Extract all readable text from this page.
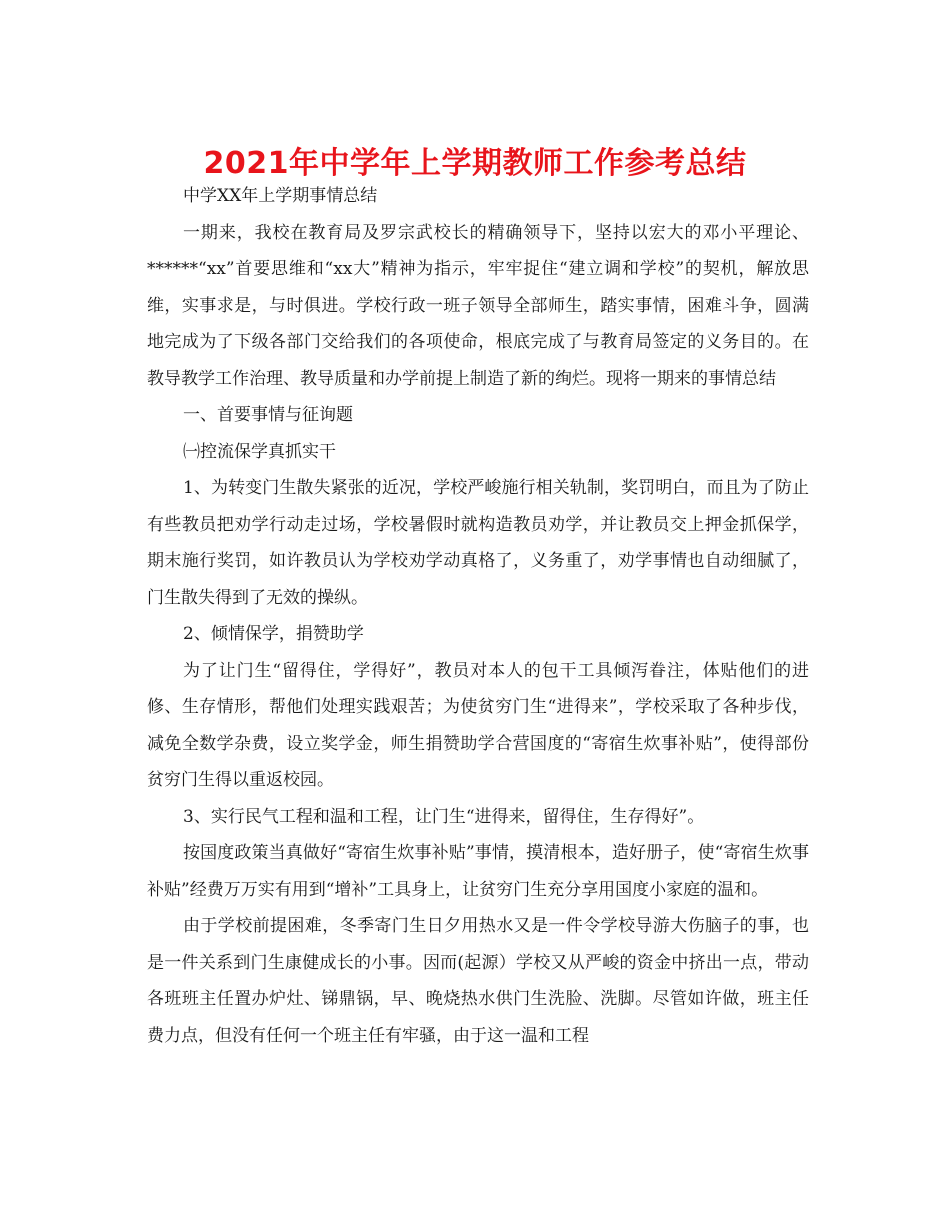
2021年中学年上学期教师工作参考总结

中学XX年上学期事情总结

一期来，我校在教育局及罗宗武校长的精确领导下，坚持以宏大的邓小平理论、******“xx”首要思维和“xx大”精神为指示，牢牢捉住“建立调和学校”的契机，解放思维，实事求是，与时俱进。学校行政一班子领导全部师生，踏实事情，困难斗争，圆满地完成为了下级各部门交给我们的各项使命，根底完成了与教育局签定的义务目的。在教导教学工作治理、教导质量和办学前提上制造了新的绚烂。现将一期来的事情总结

一、首要事情与征询题

㈠控流保学真抓实干

1、为转变门生散失紧张的近况，学校严峻施行相关轨制，奖罚明白，而且为了防止有些教员把劝学行动走过场，学校暑假时就构造教员劝学，并让教员交上押金抓保学，期末施行奖罚，如许教员认为学校劝学动真格了，义务重了，劝学事情也自动细腻了，门生散失得到了无效的操纵。

2、倾情保学，捐赞助学

为了让门生“留得住，学得好”，教员对本人的包干工具倾泻眷注，体贴他们的进修、生存情形，帮他们处理实践艰苦；为使贫穷门生“进得来”，学校采取了各种步伐，减免全数学杂费，设立奖学金，师生捐赞助学合营国度的“寄宿生炊事补贴”，使得部份贫穷门生得以重返校园。

3、实行民气工程和温和工程，让门生“进得来，留得住，生存得好”。

按国度政策当真做好“寄宿生炊事补贴”事情，摸清根本，造好册子，使“寄宿生炊事补贴”经费万万实有用到“增补”工具身上，让贫穷门生充分享用国度小家庭的温和。

由于学校前提困难，冬季寄门生日夕用热水又是一件令学校导游大伤脑子的事，也是一件关系到门生康健成长的小事。因而(起源）学校又从严峻的资金中挤出一点，带动各班班主任置办炉灶、锑鼎锅，早、晚烧热水供门生洗脸、洗脚。尽管如许做，班主任费力点，但没有任何一个班主任有牢骚，由于这一温和工程
